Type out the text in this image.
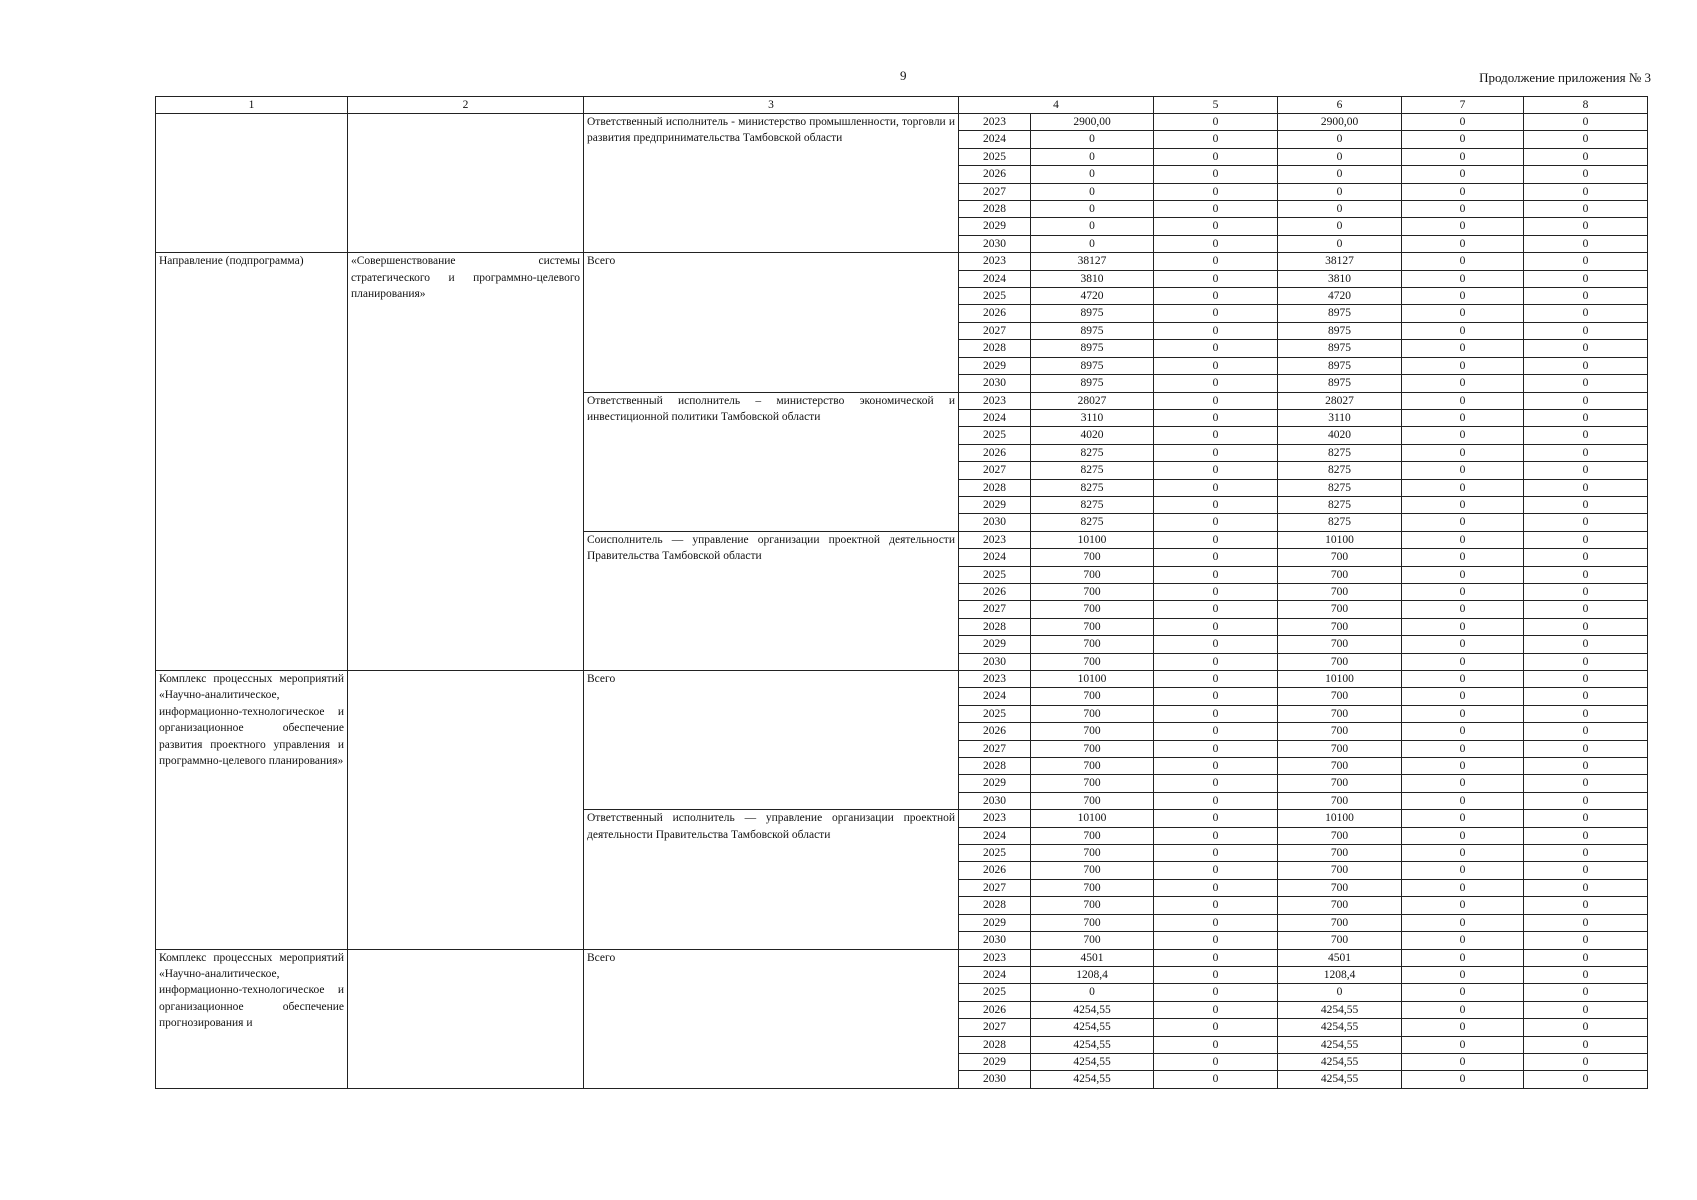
9	Продолжение приложения № 3
1	2	3	4		5	6	7	8
		Ответственный исполнитель - министерство промышленности, торговли и развития предпринимательства Тамбовской области	2023	2900,00	0	2900,00	0	0
			2024	0	0	0	0	0
			2025	0	0	0	0	0
			2026	0	0	0	0	0
			2027	0	0	0	0	0
			2028	0	0	0	0	0
			2029	0	0	0	0	0
			2030	0	0	0	0	0
Направление (подпрограмма)	«Совершенствование системы стратегического и программно-целевого планирования»	Всего	2023	38127	0	38127	0	0
			2024	3810	0	3810	0	0
			2025	4720	0	4720	0	0
			2026	8975	0	8975	0	0
			2027	8975	0	8975	0	0
			2028	8975	0	8975	0	0
			2029	8975	0	8975	0	0
			2030	8975	0	8975	0	0
		Ответственный исполнитель – министерство экономической и инвестиционной политики Тамбовской области	2023	28027	0	28027	0	0
			2024	3110	0	3110	0	0
			2025	4020	0	4020	0	0
			2026	8275	0	8275	0	0
			2027	8275	0	8275	0	0
			2028	8275	0	8275	0	0
			2029	8275	0	8275	0	0
			2030	8275	0	8275	0	0
		Соисполнитель — управление организации проектной деятельности Правительства Тамбовской области	2023	10100	0	10100	0	0
			2024	700	0	700	0	0
			2025	700	0	700	0	0
			2026	700	0	700	0	0
			2027	700	0	700	0	0
			2028	700	0	700	0	0
			2029	700	0	700	0	0
			2030	700	0	700	0	0
Комплекс процессных мероприятий «Научно-аналитическое, информационно-технологическое и организационное обеспечение развития проектного управления и программно-целевого планирования»		Всего	2023	10100	0	10100	0	0
			2024	700	0	700	0	0
			2025	700	0	700	0	0
			2026	700	0	700	0	0
			2027	700	0	700	0	0
			2028	700	0	700	0	0
			2029	700	0	700	0	0
			2030	700	0	700	0	0
		Ответственный исполнитель — управление организации проектной деятельности Правительства Тамбовской области	2023	10100	0	10100	0	0
			2024	700	0	700	0	0
			2025	700	0	700	0	0
			2026	700	0	700	0	0
			2027	700	0	700	0	0
			2028	700	0	700	0	0
			2029	700	0	700	0	0
			2030	700	0	700	0	0
Комплекс процессных мероприятий «Научно-аналитическое, информационно-технологическое и организационное обеспечение прогнозирования и		Всего	2023	4501	0	4501	0	0
			2024	1208,4	0	1208,4	0	0
			2025	0	0	0	0	0
			2026	4254,55	0	4254,55	0	0
			2027	4254,55	0	4254,55	0	0
			2028	4254,55	0	4254,55	0	0
			2029	4254,55	0	4254,55	0	0
			2030	4254,55	0	4254,55	0	0
